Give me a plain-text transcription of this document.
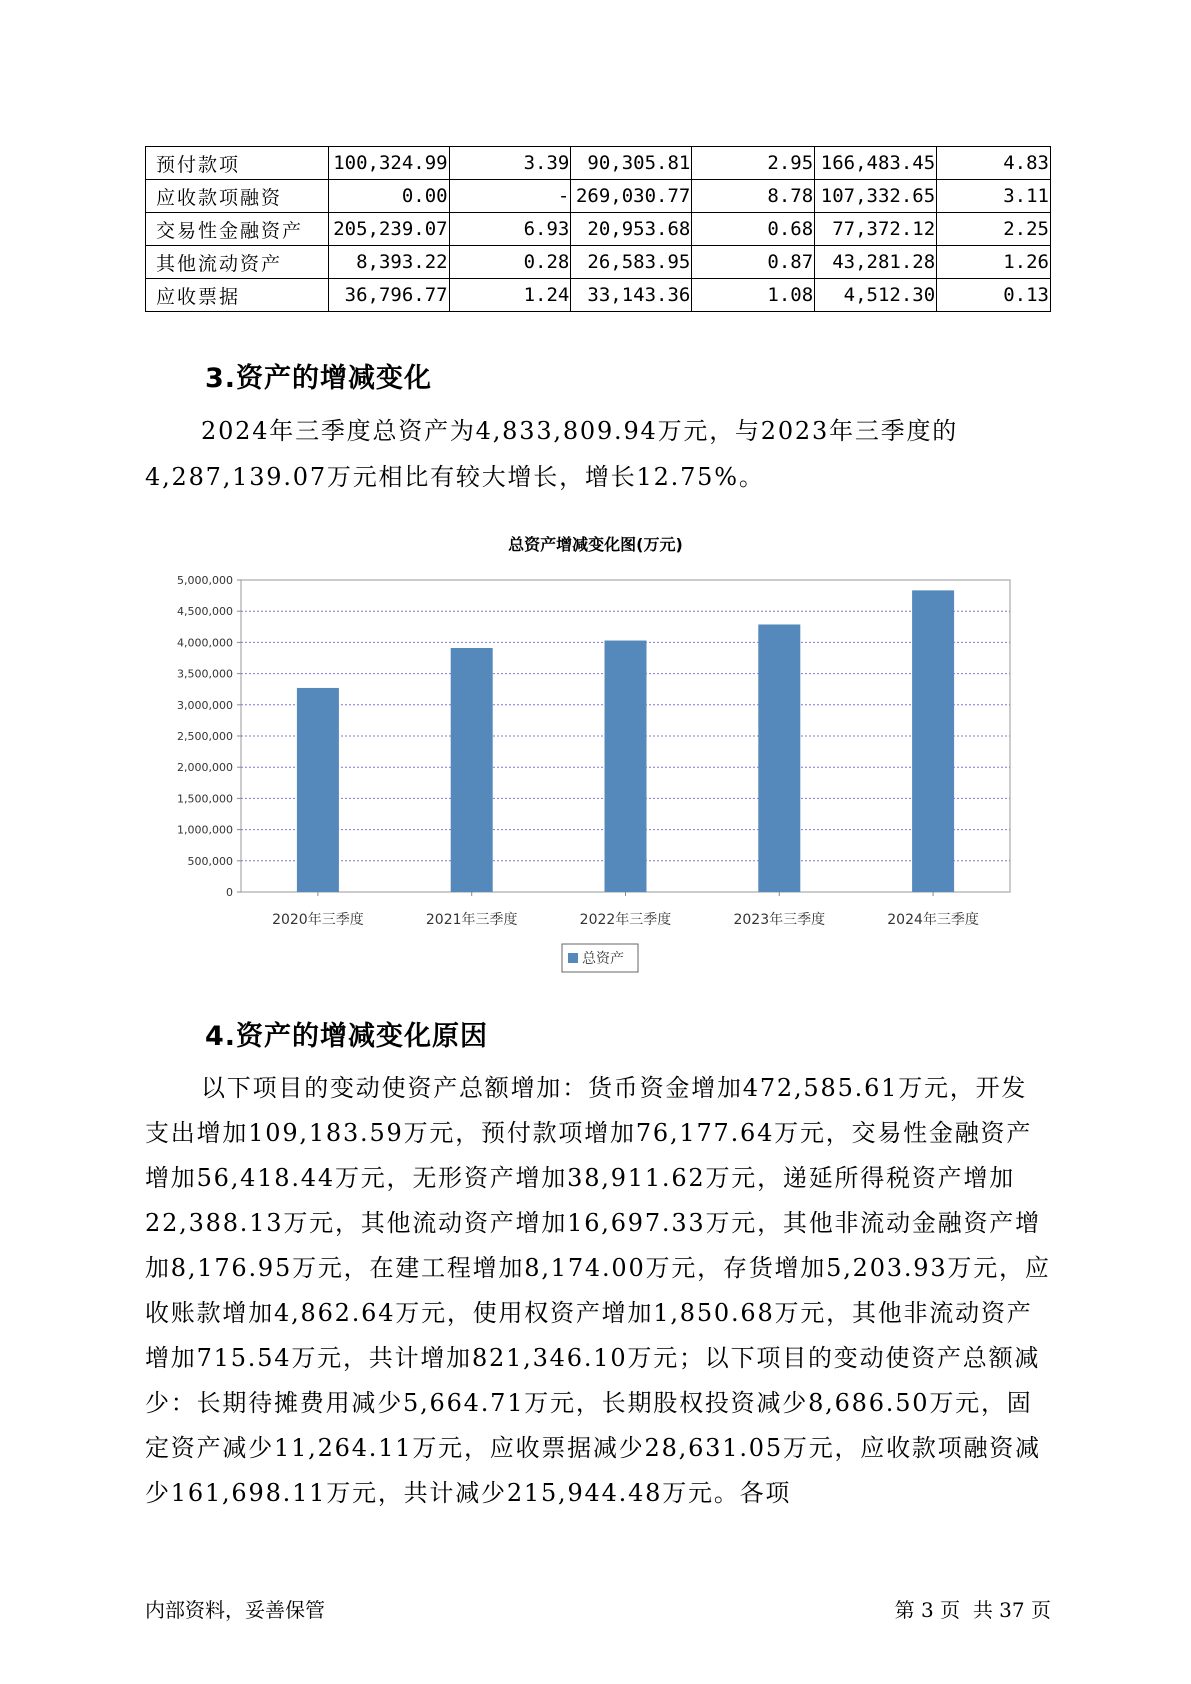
预付款项	100,324.99	3.39	90,305.81	2.95	166,483.45	4.83
应收款项融资	0.00	-	269,030.77	8.78	107,332.65	3.11
交易性金融资产	205,239.07	6.93	20,953.68	0.68	77,372.12	2.25
其他流动资产	8,393.22	0.28	26,583.95	0.87	43,281.28	1.26
应收票据	36,796.77	1.24	33,143.36	1.08	4,512.30	0.13
3.资产的增减变化

2024年三季度总资产为4,833,809.94万元，与2023年三季度的4,287,139.07万元相比有较大增长，增长12.75%。

总资产增减变化图(万元)
0
500,000
1,000,000
1,500,000
2,000,000
2,500,000
3,000,000
3,500,000
4,000,000
4,500,000
5,000,000
2020年三季度	2021年三季度	2022年三季度	2023年三季度	2024年三季度
总资产
4.资产的增减变化原因

以下项目的变动使资产总额增加：货币资金增加472,585.61万元，开发支出增加109,183.59万元，预付款项增加76,177.64万元，交易性金融资产增加56,418.44万元，无形资产增加38,911.62万元，递延所得税资产增加22,388.13万元，其他流动资产增加16,697.33万元，其他非流动金融资产增加8,176.95万元，在建工程增加8,174.00万元，存货增加5,203.93万元，应收账款增加4,862.64万元，使用权资产增加1,850.68万元，其他非流动资产增加715.54万元，共计增加821,346.10万元；以下项目的变动使资产总额减少：长期待摊费用减少5,664.71万元，长期股权投资减少8,686.50万元，固定资产减少11,264.11万元，应收票据减少28,631.05万元，应收款项融资减少161,698.11万元，共计减少215,944.48万元。各项

内部资料，妥善保管	第 3 页  共 37 页
